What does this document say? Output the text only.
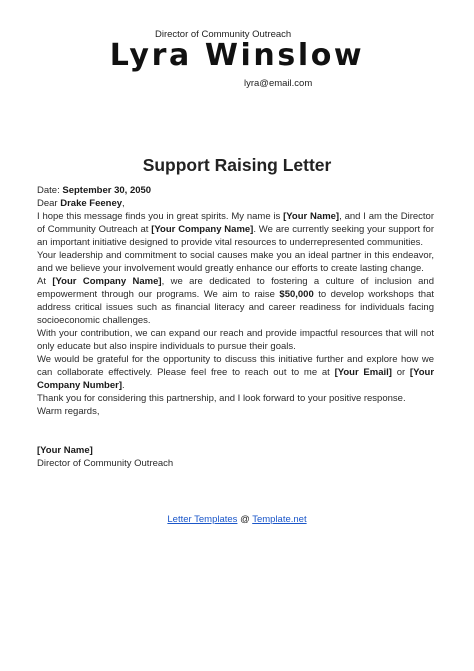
Director of Community Outreach
Lyra Winslow
lyra@email.com
Support Raising Letter

Date: September 30, 2050

Dear Drake Feeney,

I hope this message finds you in great spirits. My name is [Your Name], and I am the Director of Community Outreach at [Your Company Name]. We are currently seeking your support for an important initiative designed to provide vital resources to underrepresented communities.

Your leadership and commitment to social causes make you an ideal partner in this endeavor, and we believe your involvement would greatly enhance our efforts to create lasting change.

At [Your Company Name], we are dedicated to fostering a culture of inclusion and empowerment through our programs. We aim to raise $50,000 to develop workshops that address critical issues such as financial literacy and career readiness for individuals facing socioeconomic challenges.

With your contribution, we can expand our reach and provide impactful resources that will not only educate but also inspire individuals to pursue their goals.

We would be grateful for the opportunity to discuss this initiative further and explore how we can collaborate effectively. Please feel free to reach out to me at [Your Email] or [Your Company Number].

Thank you for considering this partnership, and I look forward to your positive response.

Warm regards,

[Your Name]

Director of Community Outreach

Letter Templates @ Template.net
